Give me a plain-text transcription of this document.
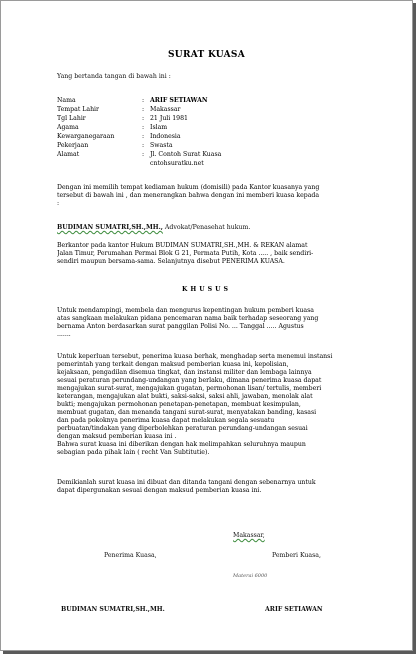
SURAT KUASA
Yang bertanda tangan di bawah ini :
Nama	: ARIF SETIAWAN
Tempat Lahir	: Makassar
Tgl Lahir	: 21 Juli 1981
Agama	: Islam
Kewarganegaraan	: Indonesia
Pekerjaan	: Swasta
Alamat	: Jl. Contoh Surat Kuasa
cntohsuratku.net
Dengan ini memilih tempat kediaman hukum (domisili) pada Kantor kuasanya yang
tersebut di bawah ini , dan menerangkan bahwa dengan ini memberi kuasa kepada
:
BUDIMAN SUMATRI,SH.,MH., Advokat/Penasehat hukum.
Berkantor pada kantor Hukum BUDIMAN SUMATRI,SH.,MH. & REKAN alamat
Jalan Timur, Perumahan Permai Blok G 21, Permata Putih, Kota ..... , baik sendiri-
sendiri maupun bersama-sama. Selanjutnya disebut PENERIMA KUASA.
KHUSUS
Untuk mendampingi, membela dan mengurus kepentingan hukum pemberi kuasa
atas sangkaan melakukan pidana pencemaran nama baik terhadap seseorang yang
bernama Anton berdasarkan surat panggilan Polisi No. ... Tanggal ..... Agustus
.......
Untuk keperluan tersebut, penerima kuasa berhak, menghadap serta menemui instansi
pemerintah yang terkait dengan maksud pemberian kuasa ini, kepolisian,
kejaksaan, pengadilan disemua tingkat, dan instansi militer dan lembaga lainnya
sesuai peraturan perundang-undangan yang berlaku, dimana penerima kuasa dapat
mengajukan surat-surat, mengajukan gugatan, permohonan lisan/ tertulis, memberi
keterangan, mengajukan alat bukti, saksi-saksi, saksi ahli, jawaban, menolak alat
bukti; mengajukan permohonan penetapan-penetapan, membuat kesimpulan,
membuat gugatan, dan menanda tangani surat-surat, menyatakan banding, kasasi
dan pada pokoknya penerima kuasa dapat melakukan segala sesuatu
perbuatan/tindakan yang diperbolehkan peraturan perundang-undangan sesuai
dengan maksud pemberian kuasa ini .
Bahwa surat kuasa ini diberikan dengan hak melimpahkan seluruhnya maupun
sebagian pada pihak lain ( recht Van Subtitutie).
Demikianlah surat kuasa ini dibuat dan ditanda tangani dengan sebenarnya untuk
dapat dipergunakan sesuai dengan maksud pemberian kuasa ini.
Makassar,
Penerima Kuasa,	Pemberi Kuasa,
Materai 6000
BUDIMAN SUMATRI,SH.,MH.	ARIF SETIAWAN
